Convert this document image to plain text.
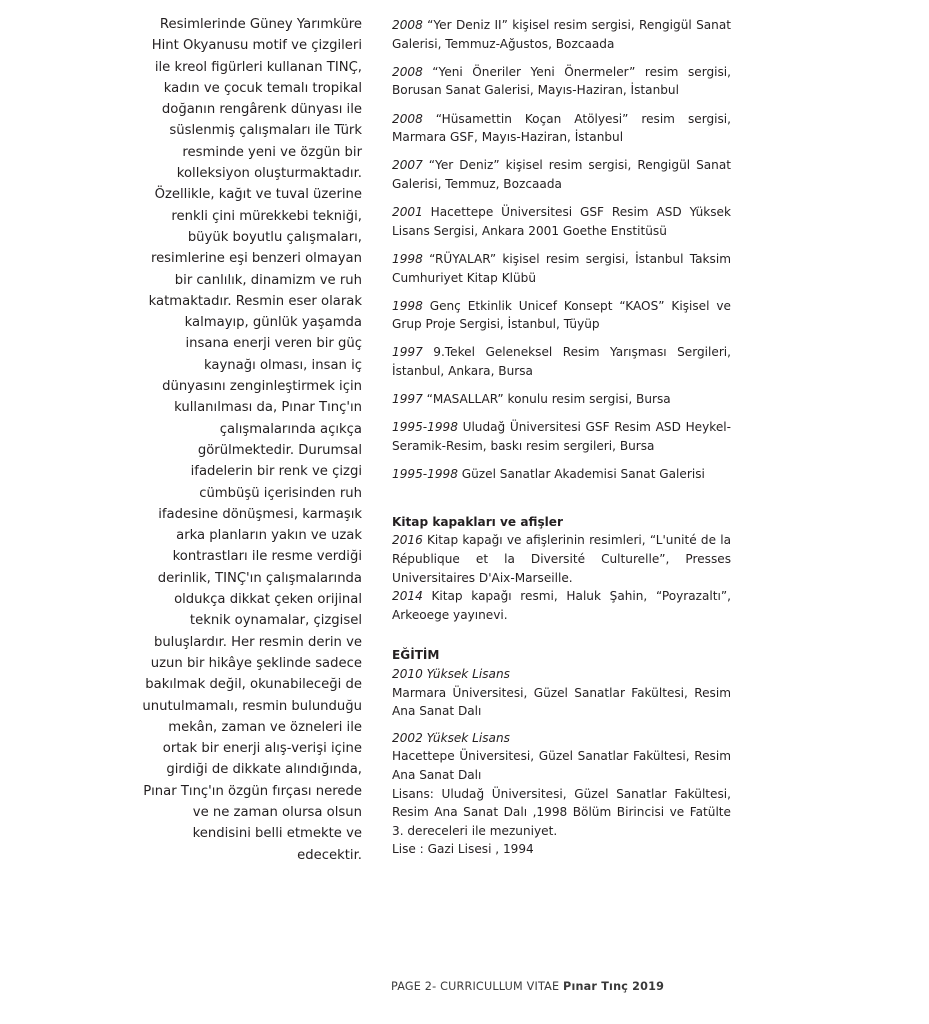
Resimlerinde Güney Yarımküre Hint Okyanusu motif ve çizgileri ile kreol figürleri kullanan TINÇ, kadın ve çocuk temalı tropikal doğanın rengârenk dünyası ile süslenmiş çalışmaları ile Türk resminde yeni ve özgün bir kolleksiyon oluşturmaktadır. Özellikle, kağıt ve tuval üzerine renkli çini mürekkebi tekniği, büyük boyutlu çalışmaları, resimlerine eşi benzeri olmayan bir canlılık, dinamizm ve ruh katmaktadır. Resmin eser olarak kalmayıp, günlük yaşamda insana enerji veren bir güç kaynağı olması, insan iç dünyasını zenginleştirmek için kullanılması da, Pınar Tınç'ın çalışmalarında açıkça görülmektedir. Durumsal ifadelerin bir renk ve çizgi cümbüşü içerisinden ruh ifadesine dönüşmesi, karmaşık arka planların yakın ve uzak kontrastları ile resme verdiği derinlik, TINÇ'ın çalışmalarında oldukça dikkat çeken orijinal teknik oynamalar, çizgisel buluşlardır. Her resmin derin ve uzun bir hikâye şeklinde sadece bakılmak değil, okunabileceği de unutulmamalı, resmin bulunduğu mekân, zaman ve özneleri ile ortak bir enerji alış-verişi içine girdiği de dikkate alındığında, Pınar Tınç'ın özgün fırçası nerede ve ne zaman olursa olsun kendisini belli etmekte ve edecektir.

2008 “Yer Deniz II” kişisel resim sergisi, Rengigül Sanat Galerisi, Temmuz-Ağustos, Bozcaada

2008 “Yeni Öneriler Yeni Önermeler” resim sergisi, Borusan Sanat Galerisi, Mayıs-Haziran, İstanbul

2008 “Hüsamettin Koçan Atölyesi” resim sergisi, Marmara GSF, Mayıs-Haziran, İstanbul

2007 “Yer Deniz” kişisel resim sergisi, Rengigül Sanat Galerisi, Temmuz, Bozcaada

2001 Hacettepe Üniversitesi GSF Resim ASD Yüksek Lisans Sergisi, Ankara 2001 Goethe Enstitüsü

1998 “RÜYALAR” kişisel resim sergisi, İstanbul Taksim Cumhuriyet Kitap Klübü

1998 Genç Etkinlik Unicef Konsept “KAOS” Kişisel ve Grup Proje Sergisi, İstanbul, Tüyüp

1997 9.Tekel Geleneksel Resim Yarışması Sergileri, İstanbul, Ankara, Bursa

1997 “MASALLAR” konulu resim sergisi, Bursa

1995-1998 Uludağ Üniversitesi GSF Resim ASD Heykel-Seramik-Resim, baskı resim sergileri, Bursa

1995-1998 Güzel Sanatlar Akademisi Sanat Galerisi

Kitap kapakları ve afişler

2016 Kitap kapağı ve afişlerinin resimleri, “L'unité de la République et la Diversité Culturelle”, Presses Universitaires D'Aix-Marseille.

2014 Kitap kapağı resmi, Haluk Şahin, “Poyrazaltı”, Arkeoege yayınevi.

EĞİTİM

2010 Yüksek Lisans

Marmara Üniversitesi, Güzel Sanatlar Fakültesi, Resim Ana Sanat Dalı

2002 Yüksek Lisans

Hacettepe Üniversitesi, Güzel Sanatlar Fakültesi, Resim Ana Sanat Dalı

Lisans: Uludağ Üniversitesi, Güzel Sanatlar Fakültesi, Resim Ana Sanat Dalı ,1998 Bölüm Birincisi ve Fatülte 3. dereceleri ile mezuniyet.

Lise : Gazi Lisesi , 1994

PAGE 2- CURRICULLUM VITAE Pınar Tınç 2019
